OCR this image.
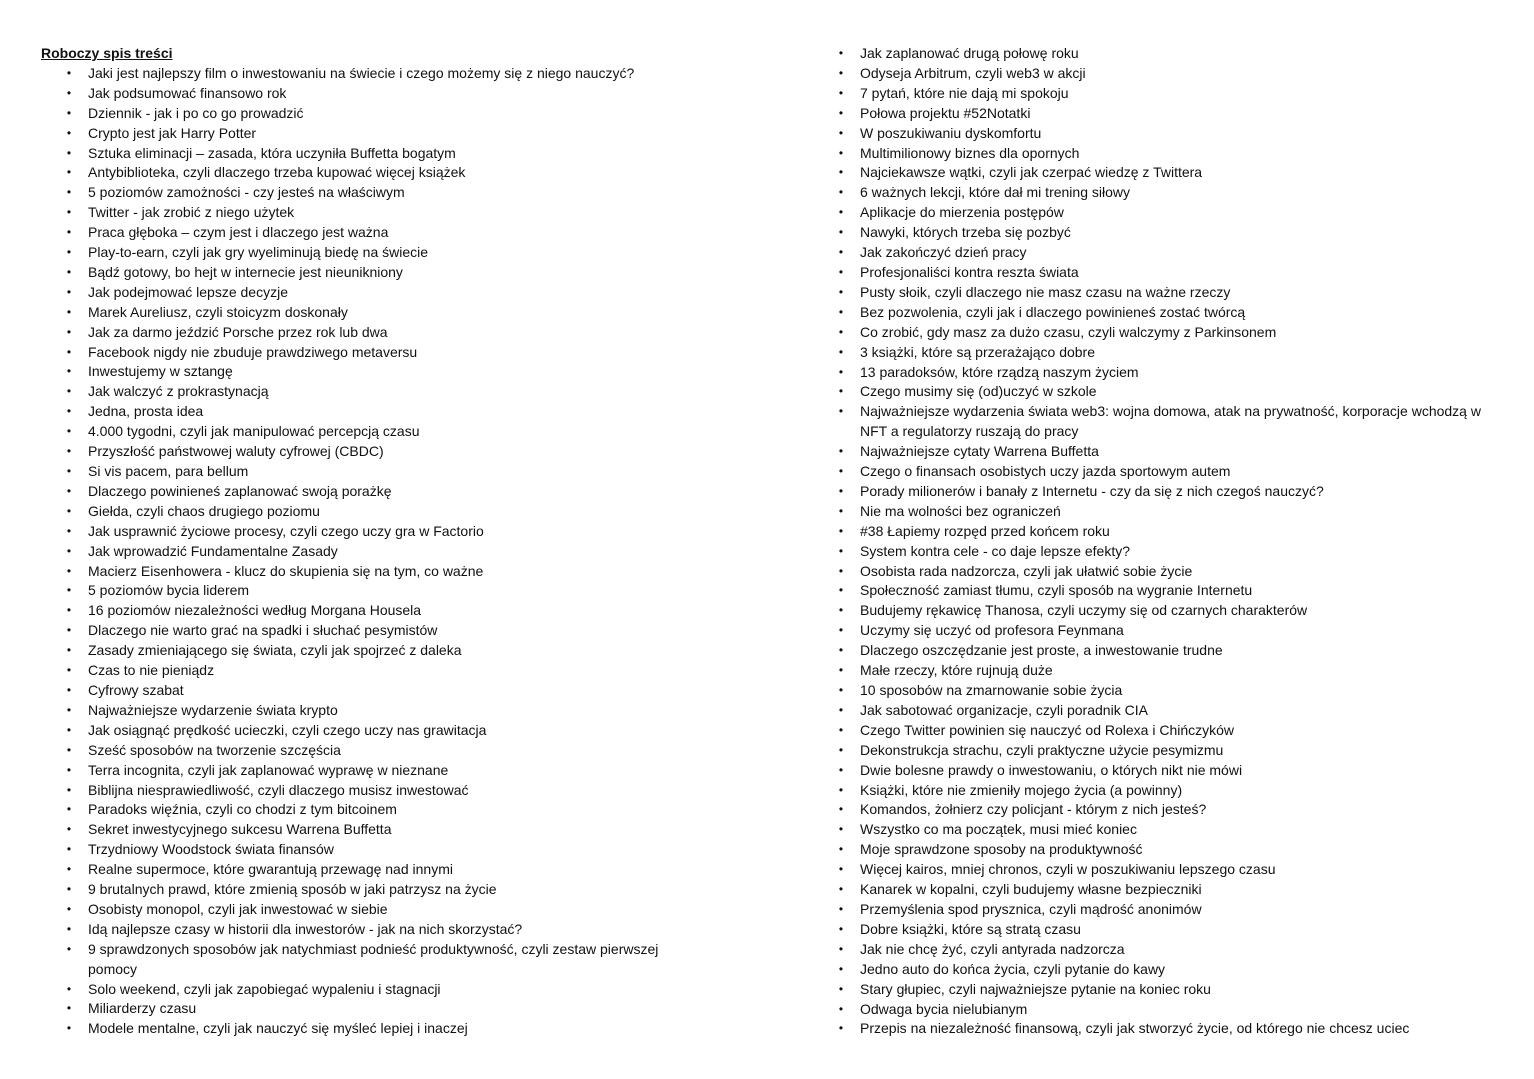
Roboczy spis treści

• Jaki jest najlepszy film o inwestowaniu na świecie i czego możemy się z niego nauczyć?
• Jak podsumować finansowo rok
• Dziennik - jak i po co go prowadzić
• Crypto jest jak Harry Potter
• Sztuka eliminacji – zasada, która uczyniła Buffetta bogatym
• Antybiblioteka, czyli dlaczego trzeba kupować więcej książek
• 5 poziomów zamożności - czy jesteś na właściwym
• Twitter - jak zrobić z niego użytek
• Praca głęboka – czym jest i dlaczego jest ważna
• Play-to-earn, czyli jak gry wyeliminują biedę na świecie
• Bądź gotowy, bo hejt w internecie jest nieunikniony
• Jak podejmować lepsze decyzje
• Marek Aureliusz, czyli stoicyzm doskonały
• Jak za darmo jeździć Porsche przez rok lub dwa
• Facebook nigdy nie zbuduje prawdziwego metaversu
• Inwestujemy w sztangę
• Jak walczyć z prokrastynacją
• Jedna, prosta idea
• 4.000 tygodni, czyli jak manipulować percepcją czasu
• Przyszłość państwowej waluty cyfrowej (CBDC)
• Si vis pacem, para bellum
• Dlaczego powinieneś zaplanować swoją porażkę
• Giełda, czyli chaos drugiego poziomu
• Jak usprawnić życiowe procesy, czyli czego uczy gra w Factorio
• Jak wprowadzić Fundamentalne Zasady
• Macierz Eisenhowera - klucz do skupienia się na tym, co ważne
• 5 poziomów bycia liderem
• 16 poziomów niezależności według Morgana Housela
• Dlaczego nie warto grać na spadki i słuchać pesymistów
• Zasady zmieniającego się świata, czyli jak spojrzeć z daleka
• Czas to nie pieniądz
• Cyfrowy szabat
• Najważniejsze wydarzenie świata krypto
• Jak osiągnąć prędkość ucieczki, czyli czego uczy nas grawitacja
• Sześć sposobów na tworzenie szczęścia
• Terra incognita, czyli jak zaplanować wyprawę w nieznane
• Biblijna niesprawiedliwość, czyli dlaczego musisz inwestować
• Paradoks więźnia, czyli co chodzi z tym bitcoinem
• Sekret inwestycyjnego sukcesu Warrena Buffetta
• Trzydniowy Woodstock świata finansów
• Realne supermoce, które gwarantują przewagę nad innymi
• 9 brutalnych prawd, które zmienią sposób w jaki patrzysz na życie
• Osobisty monopol, czyli jak inwestować w siebie
• Idą najlepsze czasy w historii dla inwestorów - jak na nich skorzystać?
• 9 sprawdzonych sposobów jak natychmiast podnieść produktywność, czyli zestaw pierwszej pomocy
• Solo weekend, czyli jak zapobiegać wypaleniu i stagnacji
• Miliarderzy czasu
• Modele mentalne, czyli jak nauczyć się myśleć lepiej i inaczej
• Jak zaplanować drugą połowę roku
• Odyseja Arbitrum, czyli web3 w akcji
• 7 pytań, które nie dają mi spokoju
• Połowa projektu #52Notatki
• W poszukiwaniu dyskomfortu
• Multimilionowy biznes dla opornych
• Najciekawsze wątki, czyli jak czerpać wiedzę z Twittera
• 6 ważnych lekcji, które dał mi trening siłowy
• Aplikacje do mierzenia postępów
• Nawyki, których trzeba się pozbyć
• Jak zakończyć dzień pracy
• Profesjonaliści kontra reszta świata
• Pusty słoik, czyli dlaczego nie masz czasu na ważne rzeczy
• Bez pozwolenia, czyli jak i dlaczego powinieneś zostać twórcą
• Co zrobić, gdy masz za dużo czasu, czyli walczymy z Parkinsonem
• 3 książki, które są przerażająco dobre
• 13 paradoksów, które rządzą naszym życiem
• Czego musimy się (od)uczyć w szkole
• Najważniejsze wydarzenia świata web3: wojna domowa, atak na prywatność, korporacje wchodzą w NFT a regulatorzy ruszają do pracy
• Najważniejsze cytaty Warrena Buffetta
• Czego o finansach osobistych uczy jazda sportowym autem
• Porady milionerów i banały z Internetu - czy da się z nich czegoś nauczyć?
• Nie ma wolności bez ograniczeń
• #38 Łapiemy rozpęd przed końcem roku
• System kontra cele - co daje lepsze efekty?
• Osobista rada nadzorcza, czyli jak ułatwić sobie życie
• Społeczność zamiast tłumu, czyli sposób na wygranie Internetu
• Budujemy rękawicę Thanosa, czyli uczymy się od czarnych charakterów
• Uczymy się uczyć od profesora Feynmana
• Dlaczego oszczędzanie jest proste, a inwestowanie trudne
• Małe rzeczy, które rujnują duże
• 10 sposobów na zmarnowanie sobie życia
• Jak sabotować organizacje, czyli poradnik CIA
• Czego Twitter powinien się nauczyć od Rolexa i Chińczyków
• Dekonstrukcja strachu, czyli praktyczne użycie pesymizmu
• Dwie bolesne prawdy o inwestowaniu, o których nikt nie mówi
• Książki, które nie zmieniły mojego życia (a powinny)
• Komandos, żołnierz czy policjant - którym z nich jesteś?
• Wszystko co ma początek, musi mieć koniec
• Moje sprawdzone sposoby na produktywność
• Więcej kairos, mniej chronos, czyli w poszukiwaniu lepszego czasu
• Kanarek w kopalni, czyli budujemy własne bezpieczniki
• Przemyślenia spod prysznica, czyli mądrość anonimów
• Dobre książki, które są stratą czasu
• Jak nie chcę żyć, czyli antyrada nadzorcza
• Jedno auto do końca życia, czyli pytanie do kawy
• Stary głupiec, czyli najważniejsze pytanie na koniec roku
• Odwaga bycia nielubianym
• Przepis na niezależność finansową, czyli jak stworzyć życie, od którego nie chcesz uciec
